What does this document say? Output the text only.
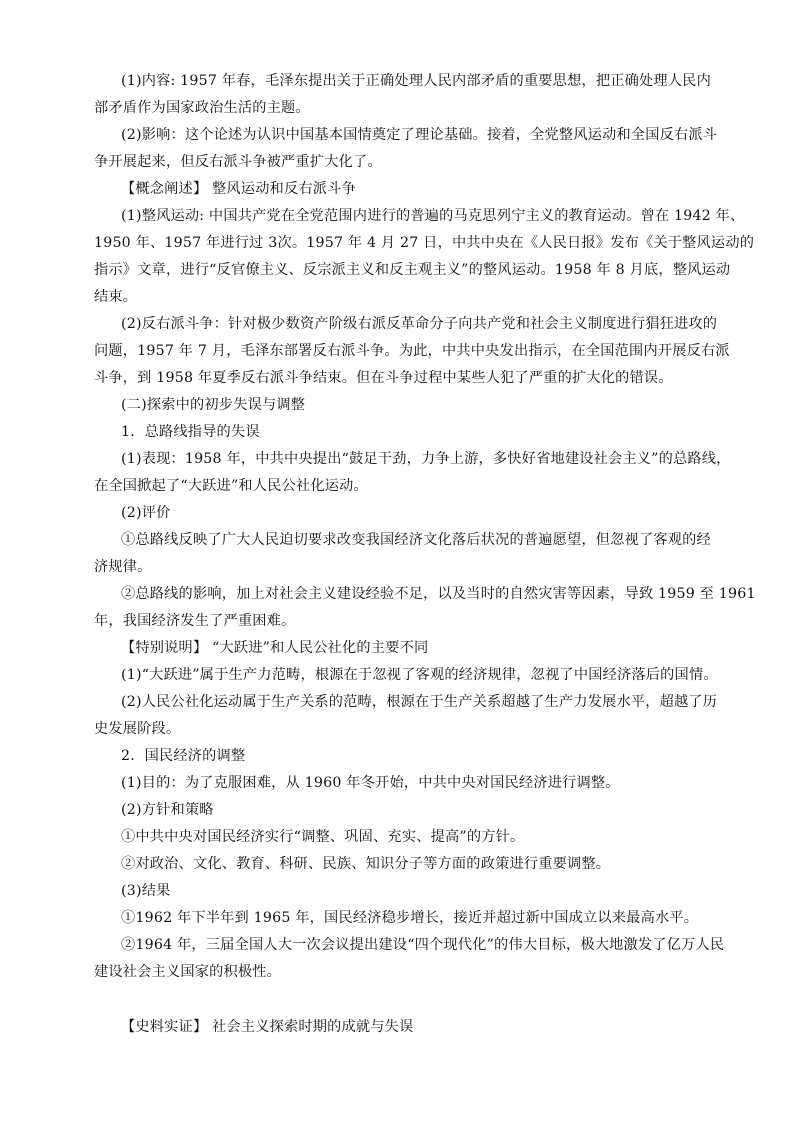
(1)内容: 1957 年春，毛泽东提出关于正确处理人民内部矛盾的重要思想，把正确处理人民内
部矛盾作为国家政治生活的主题。
(2)影响：这个论述为认识中国基本国情奠定了理论基础。接着，全党整风运动和全国反右派斗
争开展起来，但反右派斗争被严重扩大化了。
【概念阐述】 整风运动和反右派斗争
(1)整风运动: 中国共产党在全党范围内进行的普遍的马克思列宁主义的教育运动。曾在 1942 年、
1950 年、1957 年进行过 3次。1957 年 4 月 27 日，中共中央在《人民日报》发布《关于整风运动的
指示》文章，进行“反官僚主义、反宗派主义和反主观主义”的整风运动。1958 年 8 月底，整风运动
结束。
(2)反右派斗争：针对极少数资产阶级右派反革命分子向共产党和社会主义制度进行猖狂进攻的
问题，1957 年 7 月，毛泽东部署反右派斗争。为此，中共中央发出指示，在全国范围内开展反右派
斗争，到 1958 年夏季反右派斗争结束。但在斗争过程中某些人犯了严重的扩大化的错误。
(二)探索中的初步失误与调整
1．总路线指导的失误
(1)表现：1958 年，中共中央提出“鼓足干劲，力争上游，多快好省地建设社会主义”的总路线，
在全国掀起了“大跃进”和人民公社化运动。
(2)评价
①总路线反映了广大人民迫切要求改变我国经济文化落后状况的普遍愿望，但忽视了客观的经
济规律。
②总路线的影响，加上对社会主义建设经验不足，以及当时的自然灾害等因素，导致 1959 至 1961
年，我国经济发生了严重困难。
【特别说明】 “大跃进”和人民公社化的主要不同
(1)“大跃进”属于生产力范畴，根源在于忽视了客观的经济规律，忽视了中国经济落后的国情。
(2)人民公社化运动属于生产关系的范畴，根源在于生产关系超越了生产力发展水平，超越了历
史发展阶段。
2．国民经济的调整
(1)目的：为了克服困难，从 1960 年冬开始，中共中央对国民经济进行调整。
(2)方针和策略
①中共中央对国民经济实行“调整、巩固、充实、提高”的方针。
②对政治、文化、教育、科研、民族、知识分子等方面的政策进行重要调整。
(3)结果
①1962 年下半年到 1965 年，国民经济稳步增长，接近并超过新中国成立以来最高水平。
②1964 年，三届全国人大一次会议提出建设“四个现代化”的伟大目标，极大地激发了亿万人民
建设社会主义国家的积极性。
【史料实证】 社会主义探索时期的成就与失误
